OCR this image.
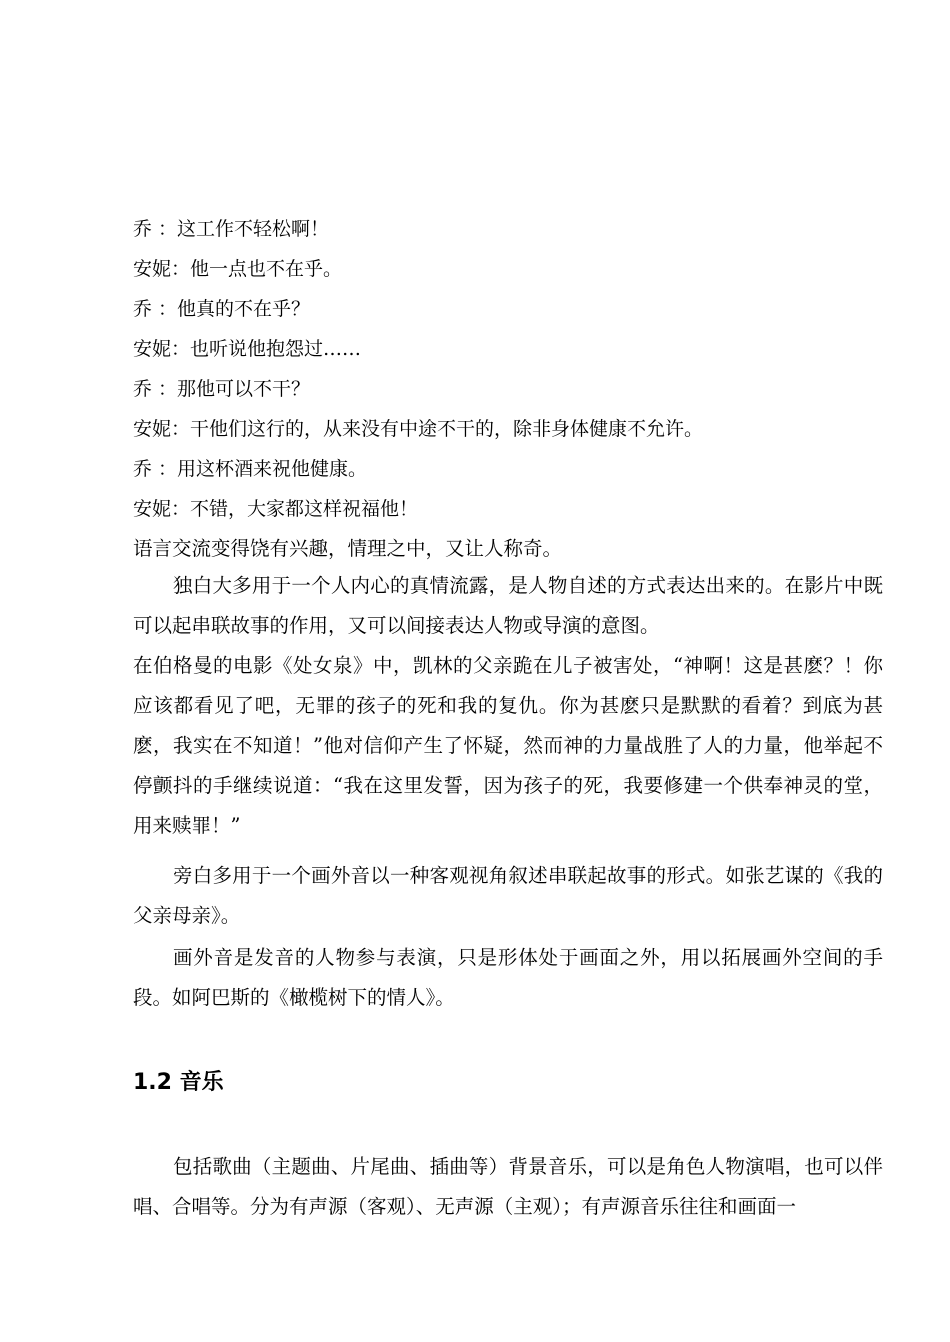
乔 ：这工作不轻松啊！
安妮：他一点也不在乎。
乔 ：他真的不在乎？
安妮：也听说他抱怨过……
乔 ：那他可以不干？
安妮：干他们这行的，从来没有中途不干的，除非身体健康不允许。
乔 ：用这杯酒来祝他健康。
安妮：不错，大家都这样祝福他！

语言交流变得饶有兴趣，情理之中，又让人称奇。

独白大多用于一个人内心的真情流露，是人物自述的方式表达出来的。在影片中既可以起串联故事的作用，又可以间接表达人物或导演的意图。

在伯格曼的电影《处女泉》中，凯林的父亲跪在儿子被害处，“神啊！这是甚麽？！你应该都看见了吧，无罪的孩子的死和我的复仇。你为甚麽只是默默的看着？到底为甚麽，我实在不知道！”他对信仰产生了怀疑，然而神的力量战胜了人的力量，他举起不停颤抖的手继续说道：“我在这里发誓，因为孩子的死，我要修建一个供奉神灵的堂，用来赎罪！”

旁白多用于一个画外音以一种客观视角叙述串联起故事的形式。如张艺谋的《我的父亲母亲》。

画外音是发音的人物参与表演，只是形体处于画面之外，用以拓展画外空间的手段。如阿巴斯的《橄榄树下的情人》。

1.2 音乐

包括歌曲（主题曲、片尾曲、插曲等）背景音乐，可以是角色人物演唱，也可以伴唱、合唱等。分为有声源（客观）、无声源（主观）；有声源音乐往往和画面一
